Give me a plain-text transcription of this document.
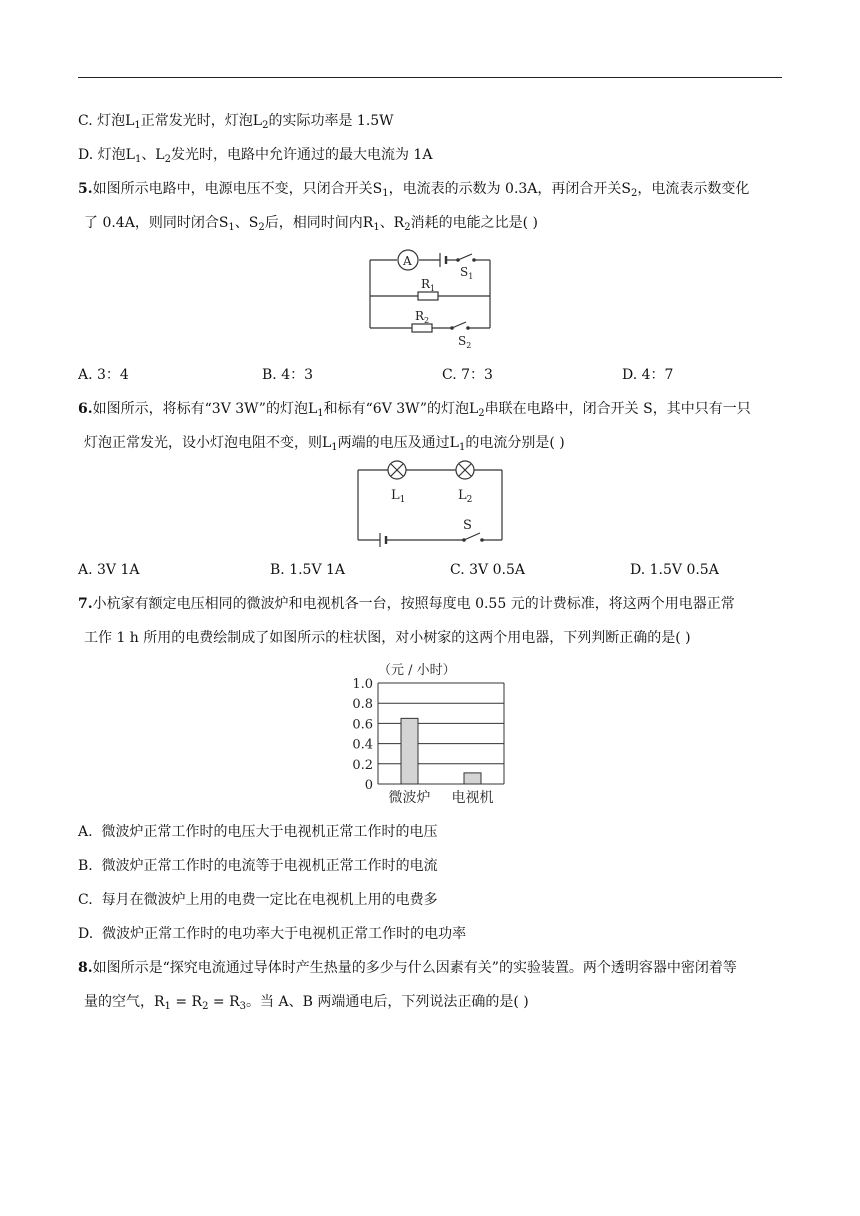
C. 灯泡$L_1$正常发光时，灯泡$L_2$的实际功率是 1.5W
D. 灯泡$L_1$、$L_2$发光时，电路中允许通过的最大电流为 1A
5.如图所示电路中，电源电压不变，只闭合开关$S_1$，电流表的示数为 0.3A，再闭合开关$S_2$，电流表示数变化
了 0.4A，则同时闭合$S_1$、$S_2$后，相同时间内$R_1$、$R_2$消耗的电能之比是( )
A
$S_1$
$R_1$
$R_2$
$S_2$
A. 3：4	B. 4：3	C. 7：3	D. 4：7
6.如图所示，将标有“3V 3W”的灯泡$L_1$和标有“6V 3W”的灯泡$L_2$串联在电路中，闭合开关 S，其中只有一只
灯泡正常发光，设小灯泡电阻不变，则$L_1$两端的电压及通过$L_1$的电流分别是( )
$L_1$	$L_2$
S
A. 3V 1A	B. 1.5V 1A	C. 3V 0.5A	D. 1.5V 0.5A
7.小杭家有额定电压相同的微波炉和电视机各一台，按照每度电 0.55 元的计费标准，将这两个用电器正常
工作 1 h 所用的电费绘制成了如图所示的柱状图，对小树家的这两个用电器，下列判断正确的是( )
（元 / 小时）
0
0.2
0.4
0.6
0.8
1.0
微波炉 电视机
A. 微波炉正常工作时的电压大于电视机正常工作时的电压
B. 微波炉正常工作时的电流等于电视机正常工作时的电流
C. 每月在微波炉上用的电费一定比在电视机上用的电费多
D. 微波炉正常工作时的电功率大于电视机正常工作时的电功率
8.如图所示是“探究电流通过导体时产生热量的多少与什么因素有关”的实验装置。两个透明容器中密闭着等
量的空气，$R_1 = R_2 = R_3$。当 A、B 两端通电后，下列说法正确的是( )
